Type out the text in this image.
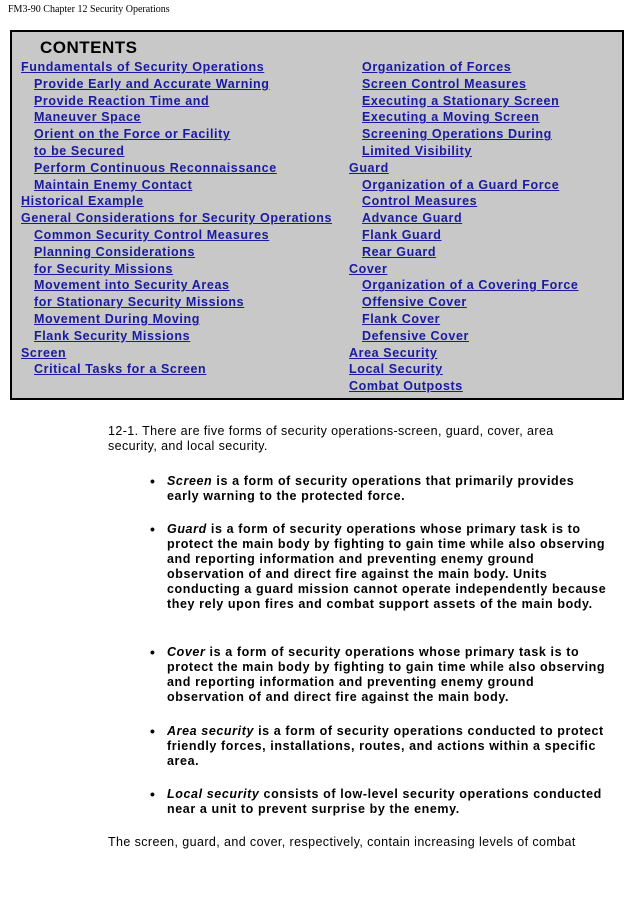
FM3-90 Chapter 12 Security Operations
CONTENTS
Fundamentals of Security Operations
Provide Early and Accurate Warning
Provide Reaction Time and
Maneuver Space
Orient on the Force or Facility
to be Secured
Perform Continuous Reconnaissance
Maintain Enemy Contact
Historical Example
General Considerations for Security Operations
Common Security Control Measures
Planning Considerations
for Security Missions
Movement into Security Areas
for Stationary Security Missions
Movement During Moving
Flank Security Missions
Screen
Critical Tasks for a Screen
Organization of Forces
Screen Control Measures
Executing a Stationary Screen
Executing a Moving Screen
Screening Operations During
Limited Visibility
Guard
Organization of a Guard Force
Control Measures
Advance Guard
Flank Guard
Rear Guard
Cover
Organization of a Covering Force
Offensive Cover
Flank Cover
Defensive Cover
Area Security
Local Security
Combat Outposts
12-1. There are five forms of security operations-screen, guard, cover, area security, and local security.
• Screen is a form of security operations that primarily provides early warning to the protected force.
• Guard is a form of security operations whose primary task is to protect the main body by fighting to gain time while also observing and reporting information and preventing enemy ground observation of and direct fire against the main body. Units conducting a guard mission cannot operate independently because they rely upon fires and combat support assets of the main body.
• Cover is a form of security operations whose primary task is to protect the main body by fighting to gain time while also observing and reporting information and preventing enemy ground observation of and direct fire against the main body.
• Area security is a form of security operations conducted to protect friendly forces, installations, routes, and actions within a specific area.
• Local security consists of low-level security operations conducted near a unit to prevent surprise by the enemy.
The screen, guard, and cover, respectively, contain increasing levels of combat
